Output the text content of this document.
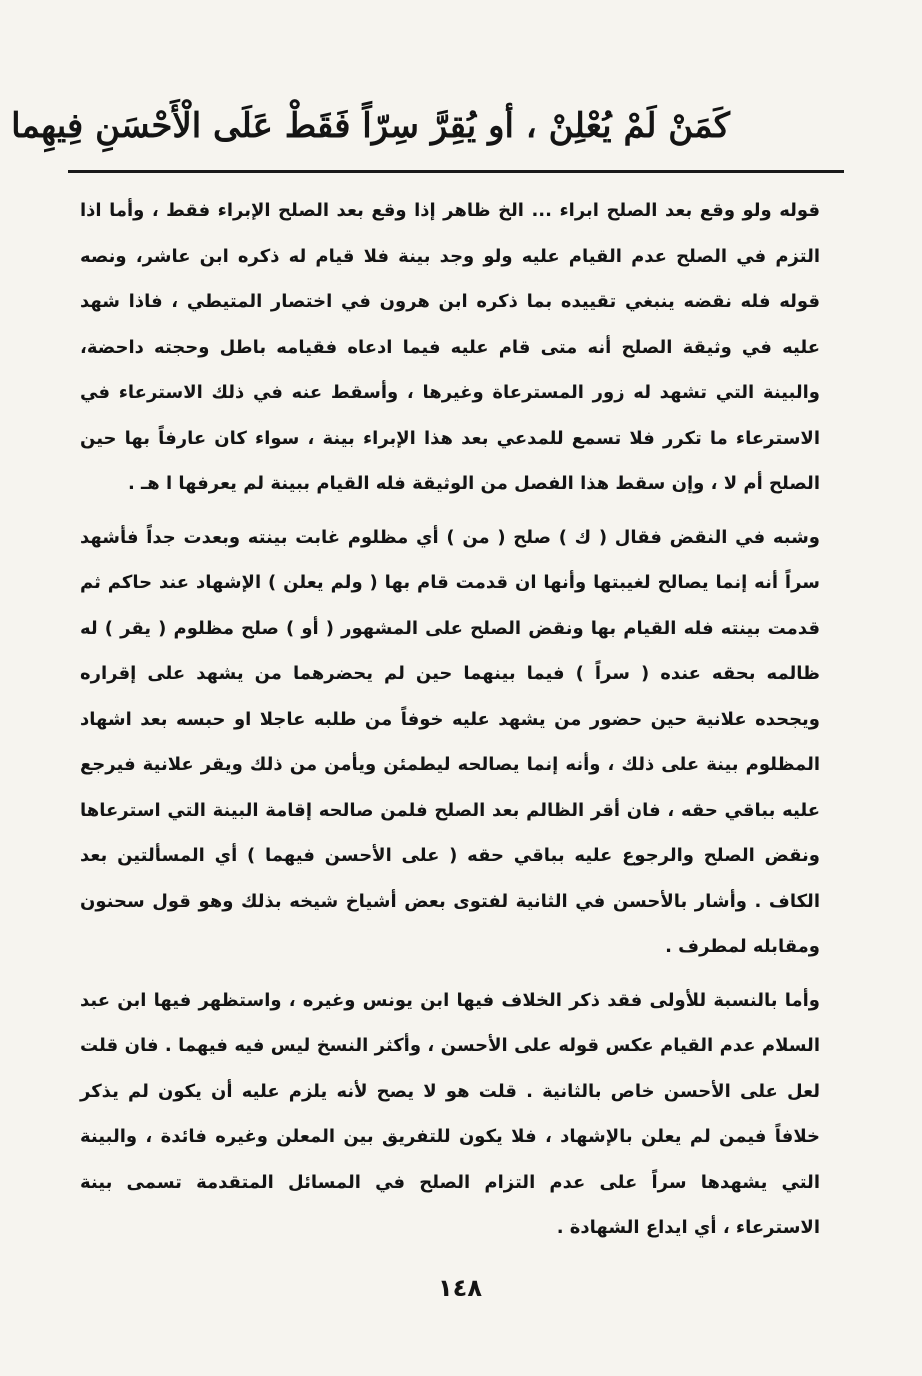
كَمَنْ لَمْ يُعْلِنْ ، أو يُقِرَّ سِرّاً فَقَطْ عَلَى الْأَحْسَنِ فِيهِما

قوله ولو وقع بعد الصلح ابراء ... الخ ظاهر إذا وقع بعد الصلح الإبراء فقط ، وأما اذا التزم في الصلح عدم القيام عليه ولو وجد بينة فلا قيام له ذكره ابن عاشر، ونصه قوله فله نقضه ينبغي تقييده بما ذكره ابن هرون في اختصار المتيطي ، فاذا شهد عليه في وثيقة الصلح أنه متى قام عليه فيما ادعاه فقيامه باطل وحجته داحضة، والبينة التي تشهد له زور المسترعاة وغيرها ، وأسقط عنه في ذلك الاسترعاء في الاسترعاء ما تكرر فلا تسمع للمدعي بعد هذا الإبراء بينة ، سواء كان عارفاً بها حين الصلح أم لا ، وإن سقط هذا الفصل من الوثيقة فله القيام ببينة لم يعرفها ا هـ .

وشبه في النقض فقال ( ك ) صلح ( من ) أي مظلوم غابت بينته وبعدت جداً فأشهد سراً أنه إنما يصالح لغيبتها وأنها ان قدمت قام بها ( ولم يعلن ) الإشهاد عند حاكم ثم قدمت بينته فله القيام بها ونقض الصلح على المشهور ( أو ) صلح مظلوم ( يقر ) له ظالمه بحقه عنده ( سراً ) فيما بينهما حين لم يحضرهما من يشهد على إقراره ويجحده علانية حين حضور من يشهد عليه خوفاً من طلبه عاجلا او حبسه بعد اشهاد المظلوم بينة على ذلك ، وأنه إنما يصالحه ليطمئن ويأمن من ذلك ويقر علانية فيرجع عليه بباقي حقه ، فان أقر الظالم بعد الصلح فلمن صالحه إقامة البينة التي استرعاها ونقض الصلح والرجوع عليه بباقي حقه ( على الأحسن فيهما ) أي المسألتين بعد الكاف . وأشار بالأحسن في الثانية لفتوى بعض أشياخ شيخه بذلك وهو قول سحنون ومقابله لمطرف .

وأما بالنسبة للأولى فقد ذكر الخلاف فيها ابن يونس وغيره ، واستظهر فيها ابن عبد السلام عدم القيام عكس قوله على الأحسن ، وأكثر النسخ ليس فيه فيهما . فان قلت لعل على الأحسن خاص بالثانية . قلت هو لا يصح لأنه يلزم عليه أن يكون لم يذكر خلافاً فيمن لم يعلن بالإشهاد ، فلا يكون للتفريق بين المعلن وغيره فائدة ، والبينة التي يشهدها سراً على عدم التزام الصلح في المسائل المتقدمة تسمى بينة الاسترعاء ، أي ايداع الشهادة .

١٤٨
